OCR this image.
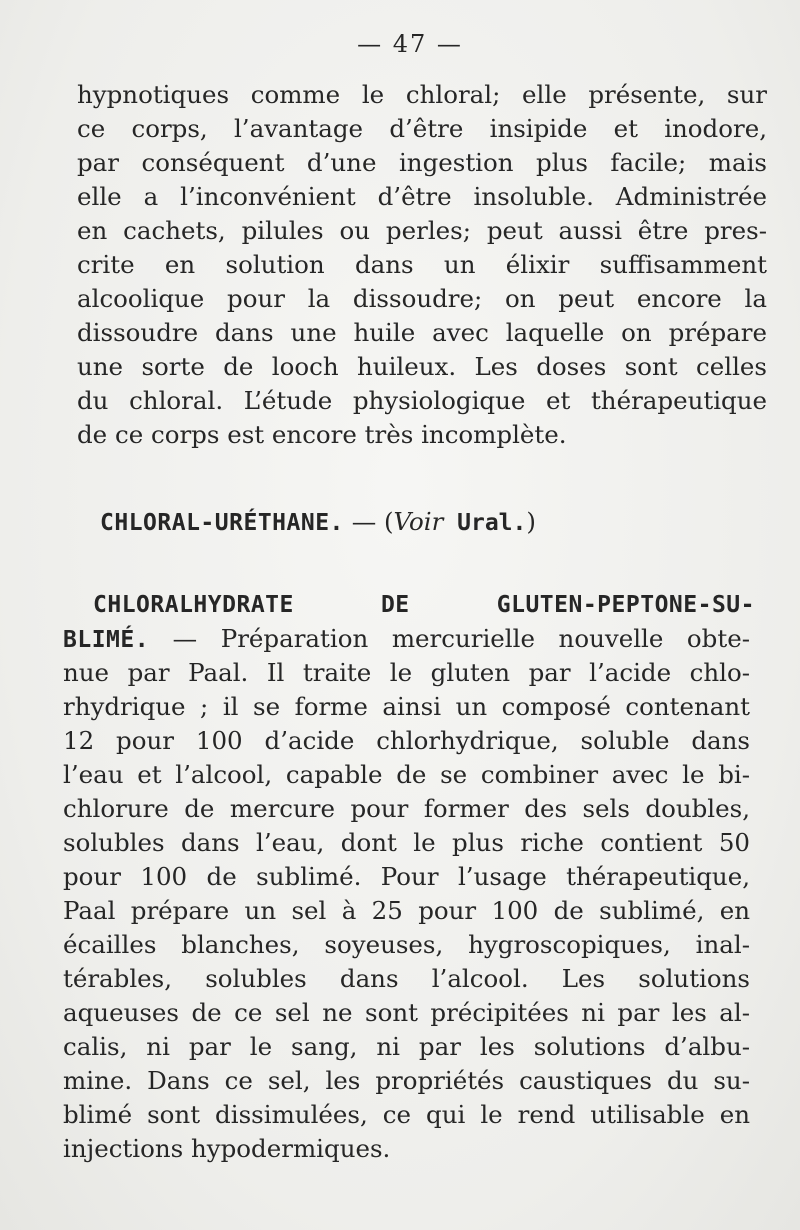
— 47 —
hypnotiques comme le chloral; elle présente, sur
ce corps, l’avantage d’être insipide et inodore,
par conséquent d’une ingestion plus facile; mais
elle a l’inconvénient d’être insoluble. Administrée
en cachets, pilules ou perles; peut aussi être pres-
crite en solution dans un élixir suffisamment
alcoolique pour la dissoudre; on peut encore la
dissoudre dans une huile avec laquelle on prépare
une sorte de looch huileux. Les doses sont celles
du chloral. L’étude physiologique et thérapeutique
de ce corps est encore très incomplète.
CHLORAL-URÉTHANE. — (Voir Ural.)
CHLORALHYDRATE DE GLUTEN-PEPTONE-SU-
BLIMÉ. — Préparation mercurielle nouvelle obte-
nue par Paal. Il traite le gluten par l’acide chlo-
rhydrique ; il se forme ainsi un composé contenant
12 pour 100 d’acide chlorhydrique, soluble dans
l’eau et l’alcool, capable de se combiner avec le bi-
chlorure de mercure pour former des sels doubles,
solubles dans l’eau, dont le plus riche contient 50
pour 100 de sublimé. Pour l’usage thérapeutique,
Paal prépare un sel à 25 pour 100 de sublimé, en
écailles blanches, soyeuses, hygroscopiques, inal-
térables, solubles dans l’alcool. Les solutions
aqueuses de ce sel ne sont précipitées ni par les al-
calis, ni par le sang, ni par les solutions d’albu-
mine. Dans ce sel, les propriétés caustiques du su-
blimé sont dissimulées, ce qui le rend utilisable en
injections hypodermiques.
